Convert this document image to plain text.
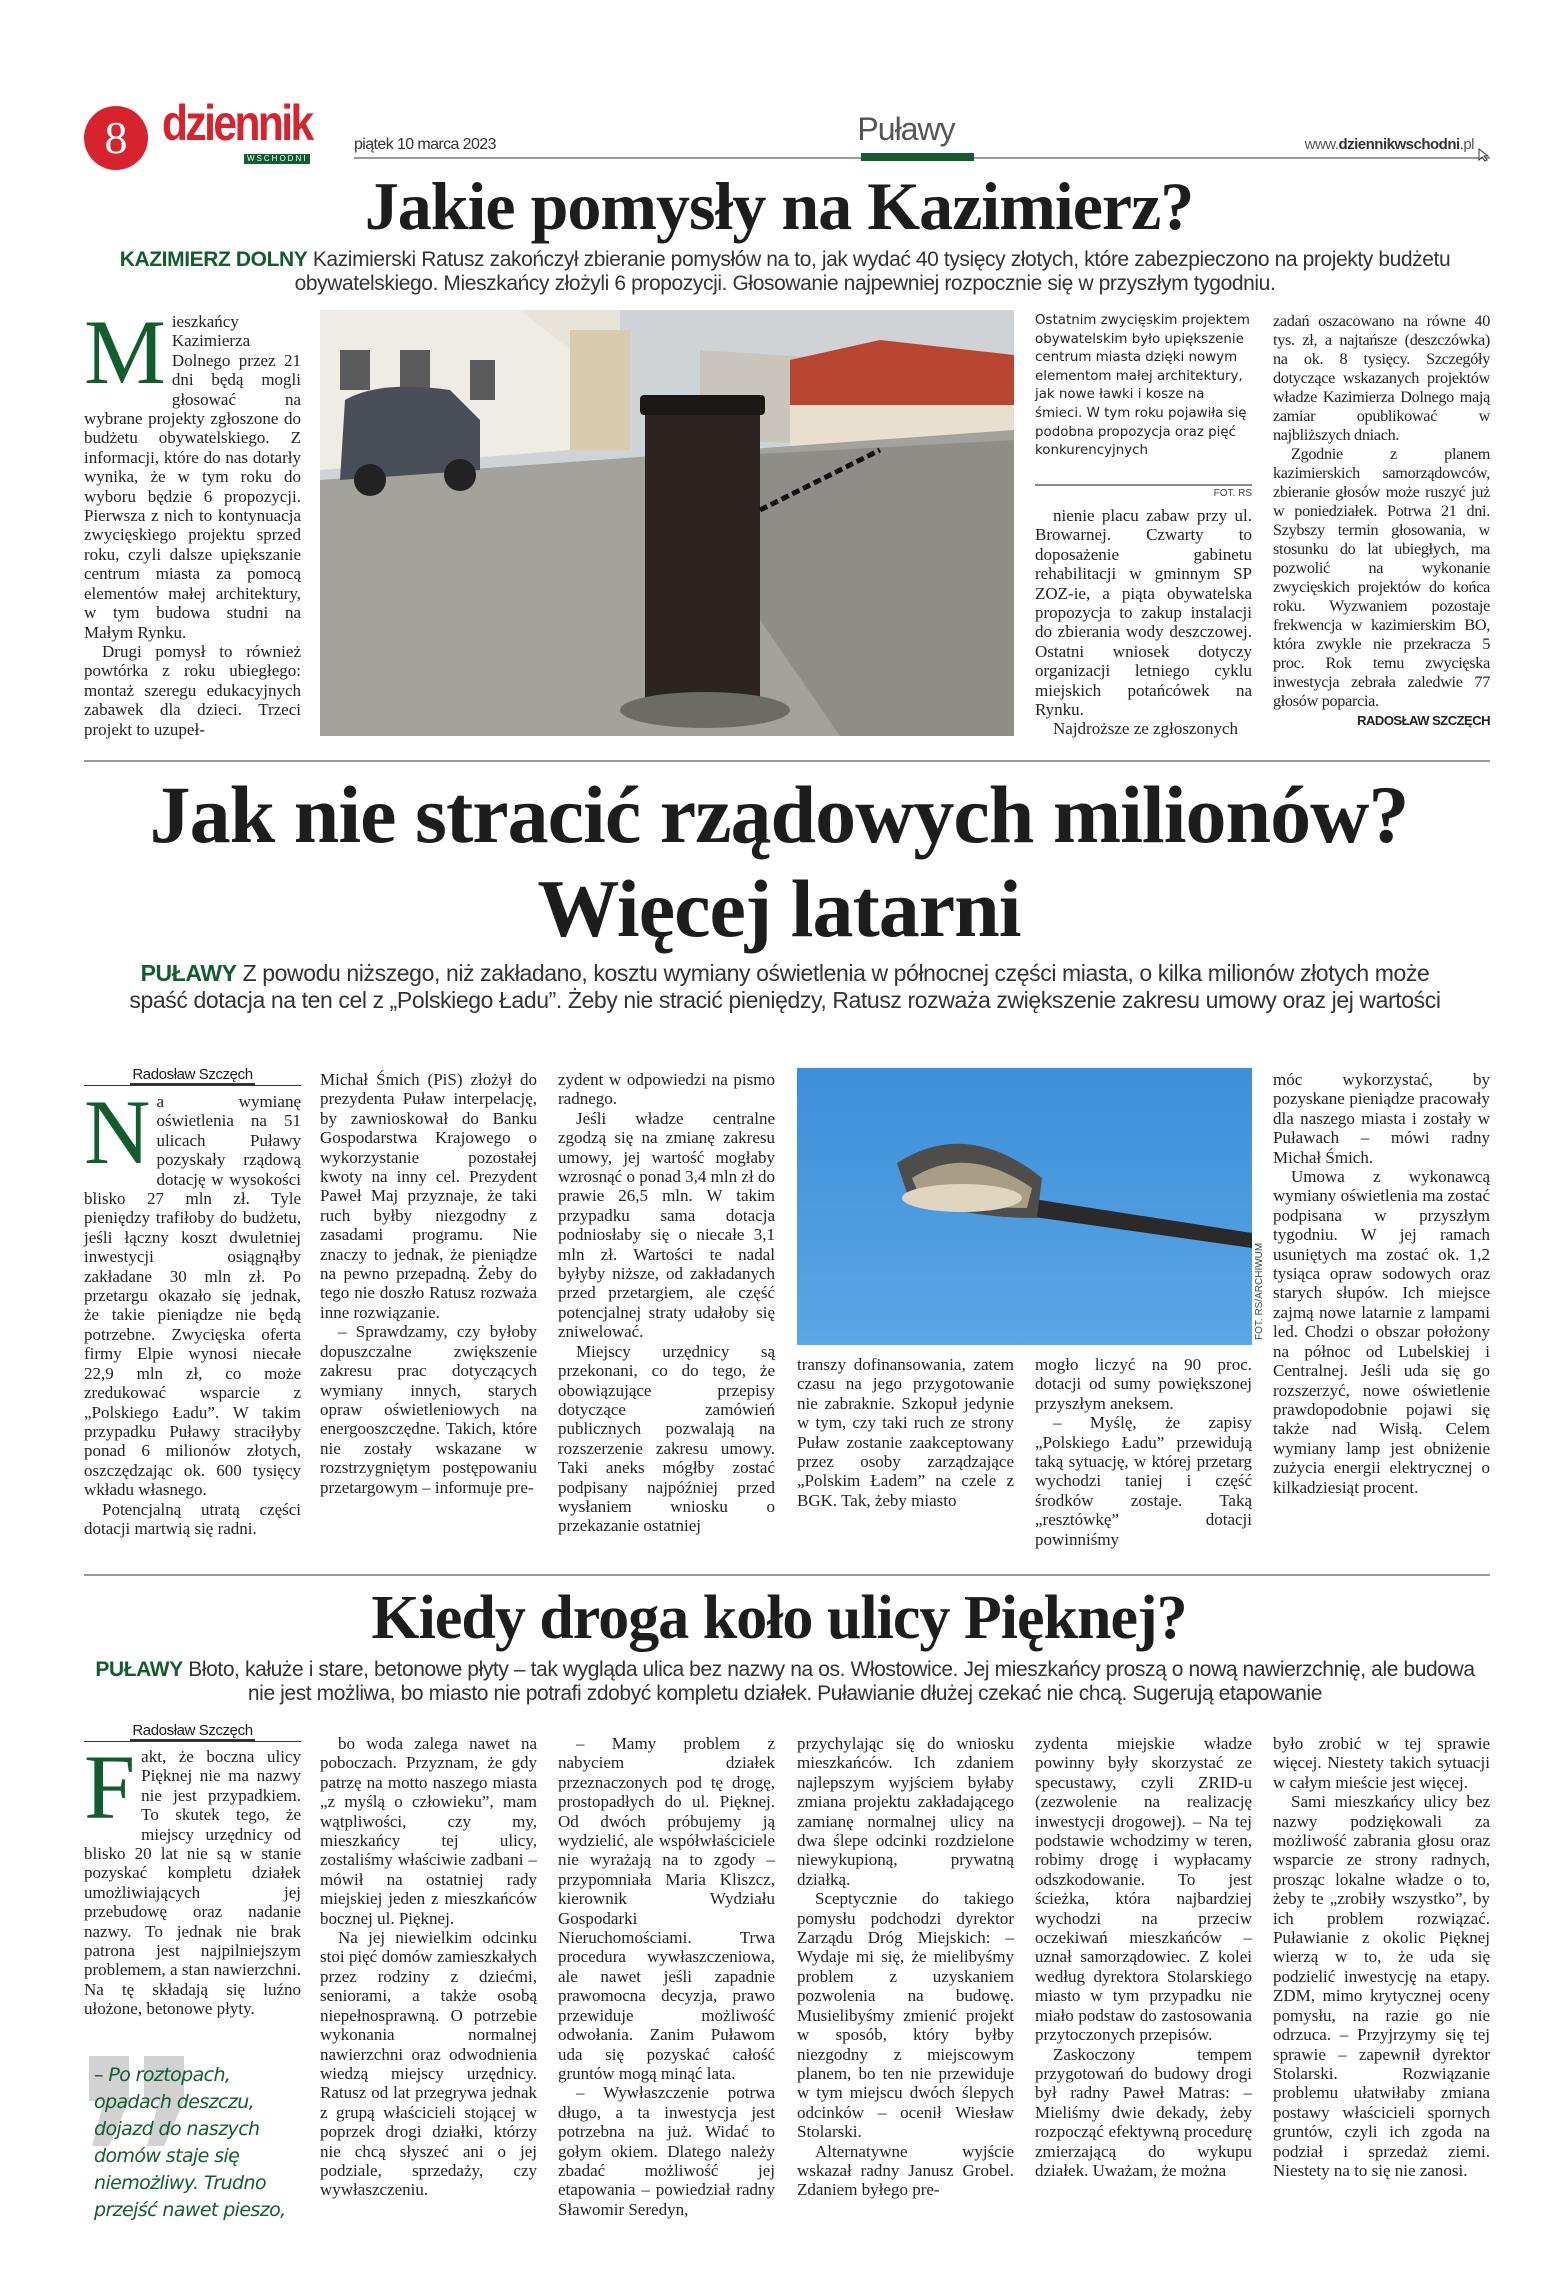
8 dziennik
WSCHODNI
piątek 10 marca 2023	Puławy	www.dziennikwschodni.pl
Jakie pomysły na Kazimierz?
KAZIMIERZ DOLNY Kazimierski Ratusz zakończył zbieranie pomysłów na to, jak wydać 40 tysięcy złotych, które zabezpieczono na projekty budżetu obywatelskiego. Mieszkańcy złożyli 6 propozycji. Głosowanie najpewniej rozpocznie się w przyszłym tygodniu.
M ieszkańcy Kazimierza Dolnego przez 21 dni będą mogli głosować na wybrane projekty zgłoszone do budżetu obywatelskiego. Z informacji, które do nas dotarły wynika, że w tym roku do wyboru będzie 6 propozycji. Pierwsza z nich to kontynuacja zwycięskiego projektu sprzed roku, czyli dalsze upiększanie centrum miasta za pomocą elementów małej architektury, w tym budowa studni na Małym Rynku.

Drugi pomysł to również powtórka z roku ubiegłego: montaż szeregu edukacyjnych zabawek dla dzieci. Trzeci projekt to uzupeł-

Ostatnim zwycięskim projektem obywatelskim było upiększenie centrum miasta dzięki nowym elementom małej architektury, jak nowe ławki i kosze na śmieci. W tym roku pojawiła się podobna propozycja oraz pięć konkurencyjnych
FOT. RS

nienie placu zabaw przy ul. Browarnej. Czwarty to doposażenie gabinetu rehabilitacji w gminnym SP ZOZ-ie, a piąta obywatelska propozycja to zakup instalacji do zbierania wody deszczowej. Ostatni wniosek dotyczy organizacji letniego cyklu miejskich potańcówek na Rynku.

Najdroższe ze zgłoszonych

zadań oszacowano na równe 40 tys. zł, a najtańsze (deszczówka) na ok. 8 tysięcy. Szczegóły dotyczące wskazanych projektów władze Kazimierza Dolnego mają zamiar opublikować w najbliższych dniach.

Zgodnie z planem kazimierskich samorządowców, zbieranie głosów może ruszyć już w poniedziałek. Potrwa 21 dni. Szybszy termin głosowania, w stosunku do lat ubiegłych, ma pozwolić na wykonanie zwycięskich projektów do końca roku. Wyzwaniem pozostaje frekwencja w kazimierskim BO, która zwykle nie przekracza 5 proc. Rok temu zwycięska inwestycja zebrała zaledwie 77 głosów poparcia.

RADOSŁAW SZCZĘCH
Jak nie stracić rządowych milionów?
Więcej latarni
PUŁAWY Z powodu niższego, niż zakładano, kosztu wymiany oświetlenia w północnej części miasta, o kilka milionów złotych może spaść dotacja na ten cel z „Polskiego Ładu”. Żeby nie stracić pieniędzy, Ratusz rozważa zwiększenie zakresu umowy oraz jej wartości
Radosław Szczęch
N a wymianę oświetlenia na 51 ulicach Puławy pozyskały rządową dotację w wysokości blisko 27 mln zł. Tyle pieniędzy trafiłoby do budżetu, jeśli łączny koszt dwuletniej inwestycji osiągnąłby zakładane 30 mln zł. Po przetargu okazało się jednak, że takie pieniądze nie będą potrzebne. Zwycięska oferta firmy Elpie wynosi niecałe 22,9 mln zł, co może zredukować wsparcie z „Polskiego Ładu”. W takim przypadku Puławy straciłyby ponad 6 milionów złotych, oszczędzając ok. 600 tysięcy wkładu własnego.

Potencjalną utratą części dotacji martwią się radni.

Michał Śmich (PiS) złożył do prezydenta Puław interpelację, by zawnioskował do Banku Gospodarstwa Krajowego o wykorzystanie pozostałej kwoty na inny cel. Prezydent Paweł Maj przyznaje, że taki ruch byłby niezgodny z zasadami programu. Nie znaczy to jednak, że pieniądze na pewno przepadną. Żeby do tego nie doszło Ratusz rozważa inne rozwiązanie.

– Sprawdzamy, czy byłoby dopuszczalne zwiększenie zakresu prac dotyczących wymiany innych, starych opraw oświetleniowych na energooszczędne. Takich, które nie zostały wskazane w rozstrzygniętym postępowaniu przetargowym – informuje pre-

zydent w odpowiedzi na pismo radnego.

Jeśli władze centralne zgodzą się na zmianę zakresu umowy, jej wartość mogłaby wzrosnąć o ponad 3,4 mln zł do prawie 26,5 mln. W takim przypadku sama dotacja podniosłaby się o niecałe 3,1 mln zł. Wartości te nadal byłyby niższe, od zakładanych przed przetargiem, ale część potencjalnej straty udałoby się zniwelować.

Miejscy urzędnicy są przekonani, co do tego, że obowiązujące przepisy dotyczące zamówień publicznych pozwalają na rozszerzenie zakresu umowy. Taki aneks mógłby zostać podpisany najpóźniej przed wysłaniem wniosku o przekazanie ostatniej

FOT. RS/ARCHIWUM

transzy dofinansowania, zatem czasu na jego przygotowanie nie zabraknie. Szkopuł jedynie w tym, czy taki ruch ze strony Puław zostanie zaakceptowany przez osoby zarządzające „Polskim Ładem” na czele z BGK. Tak, żeby miasto

mogło liczyć na 90 proc. dotacji od sumy powiększonej przyszłym aneksem.

– Myślę, że zapisy „Polskiego Ładu” przewidują taką sytuację, w której przetarg wychodzi taniej i część środków zostaje. Taką „resztówkę” dotacji powinniśmy

móc wykorzystać, by pozyskane pieniądze pracowały dla naszego miasta i zostały w Puławach – mówi radny Michał Śmich.

Umowa z wykonawcą wymiany oświetlenia ma zostać podpisana w przyszłym tygodniu. W jej ramach usuniętych ma zostać ok. 1,2 tysiąca opraw sodowych oraz starych słupów. Ich miejsce zajmą nowe latarnie z lampami led. Chodzi o obszar położony na północ od Lubelskiej i Centralnej. Jeśli uda się go rozszerzyć, nowe oświetlenie prawdopodobnie pojawi się także nad Wisłą. Celem wymiany lamp jest obniżenie zużycia energii elektrycznej o kilkadziesiąt procent.

Kiedy droga koło ulicy Pięknej?
PUŁAWY Błoto, kałuże i stare, betonowe płyty – tak wygląda ulica bez nazwy na os. Włostowice. Jej mieszkańcy proszą o nową nawierzchnię, ale budowa nie jest możliwa, bo miasto nie potrafi zdobyć kompletu działek. Puławianie dłużej czekać nie chcą. Sugerują etapowanie
Radosław Szczęch
F akt, że boczna ulicy Pięknej nie ma nazwy nie jest przypadkiem. To skutek tego, że miejscy urzędnicy od blisko 20 lat nie są w stanie pozyskać kompletu działek umożliwiających jej przebudowę oraz nadanie nazwy. To jednak nie brak patrona jest najpilniejszym problemem, a stan nawierzchni. Na tę składają się luźno ułożone, betonowe płyty.

– Po roztopach, opadach deszczu, dojazd do naszych domów staje się niemożliwy. Trudno przejść nawet pieszo,

bo woda zalega nawet na poboczach. Przyznam, że gdy patrzę na motto naszego miasta „z myślą o człowieku”, mam wątpliwości, czy my, mieszkańcy tej ulicy, zostaliśmy właściwie zadbani – mówił na ostatniej rady miejskiej jeden z mieszkańców bocznej ul. Pięknej.

Na jej niewielkim odcinku stoi pięć domów zamieszkałych przez rodziny z dziećmi, seniorami, a także osobą niepełnosprawną. O potrzebie wykonania normalnej nawierzchni oraz odwodnienia wiedzą miejscy urzędnicy. Ratusz od lat przegrywa jednak z grupą właścicieli stojącej w poprzek drogi działki, którzy nie chcą słyszeć ani o jej podziale, sprzedaży, czy wywłaszczeniu.

– Mamy problem z nabyciem działek przeznaczonych pod tę drogę, prostopadłych do ul. Pięknej. Od dwóch próbujemy ją wydzielić, ale współwłaściciele nie wyrażają na to zgody – przypomniała Maria Kliszcz, kierownik Wydziału Gospodarki Nieruchomościami. Trwa procedura wywłaszczeniowa, ale nawet jeśli zapadnie prawomocna decyzja, prawo przewiduje możliwość odwołania. Zanim Puławom uda się pozyskać całość gruntów mogą minąć lata.

– Wywłaszczenie potrwa długo, a ta inwestycja jest potrzebna na już. Widać to gołym okiem. Dlatego należy zbadać możliwość jej etapowania – powiedział radny Sławomir Seredyn,

przychylając się do wniosku mieszkańców. Ich zdaniem najlepszym wyjściem byłaby zmiana projektu zakładającego zamianę normalnej ulicy na dwa ślepe odcinki rozdzielone niewykupioną, prywatną działką.

Sceptycznie do takiego pomysłu podchodzi dyrektor Zarządu Dróg Miejskich: – Wydaje mi się, że mielibyśmy problem z uzyskaniem pozwolenia na budowę. Musielibyśmy zmienić projekt w sposób, który byłby niezgodny z miejscowym planem, bo ten nie przewiduje w tym miejscu dwóch ślepych odcinków – ocenił Wiesław Stolarski.

Alternatywne wyjście wskazał radny Janusz Grobel. Zdaniem byłego pre-

zydenta miejskie władze powinny były skorzystać ze specustawy, czyli ZRID-u (zezwolenie na realizację inwestycji drogowej). – Na tej podstawie wchodzimy w teren, robimy drogę i wypłacamy odszkodowanie. To jest ścieżka, która najbardziej wychodzi na przeciw oczekiwań mieszkańców – uznał samorządowiec. Z kolei według dyrektora Stolarskiego miasto w tym przypadku nie miało podstaw do zastosowania przytoczonych przepisów.

Zaskoczony tempem przygotowań do budowy drogi był radny Paweł Matras: – Mieliśmy dwie dekady, żeby rozpocząć efektywną procedurę zmierzającą do wykupu działek. Uważam, że można

było zrobić w tej sprawie więcej. Niestety takich sytuacji w całym mieście jest więcej.

Sami mieszkańcy ulicy bez nazwy podziękowali za możliwość zabrania głosu oraz wsparcie ze strony radnych, prosząc lokalne władze o to, żeby te „zrobiły wszystko”, by ich problem rozwiązać. Puławianie z okolic Pięknej wierzą w to, że uda się podzielić inwestycję na etapy. ZDM, mimo krytycznej oceny pomysłu, na razie go nie odrzuca. – Przyjrzymy się tej sprawie – zapewnił dyrektor Stolarski. Rozwiązanie problemu ułatwiłaby zmiana postawy właścicieli spornych gruntów, czyli ich zgoda na podział i sprzedaż ziemi. Niestety na to się nie zanosi.
